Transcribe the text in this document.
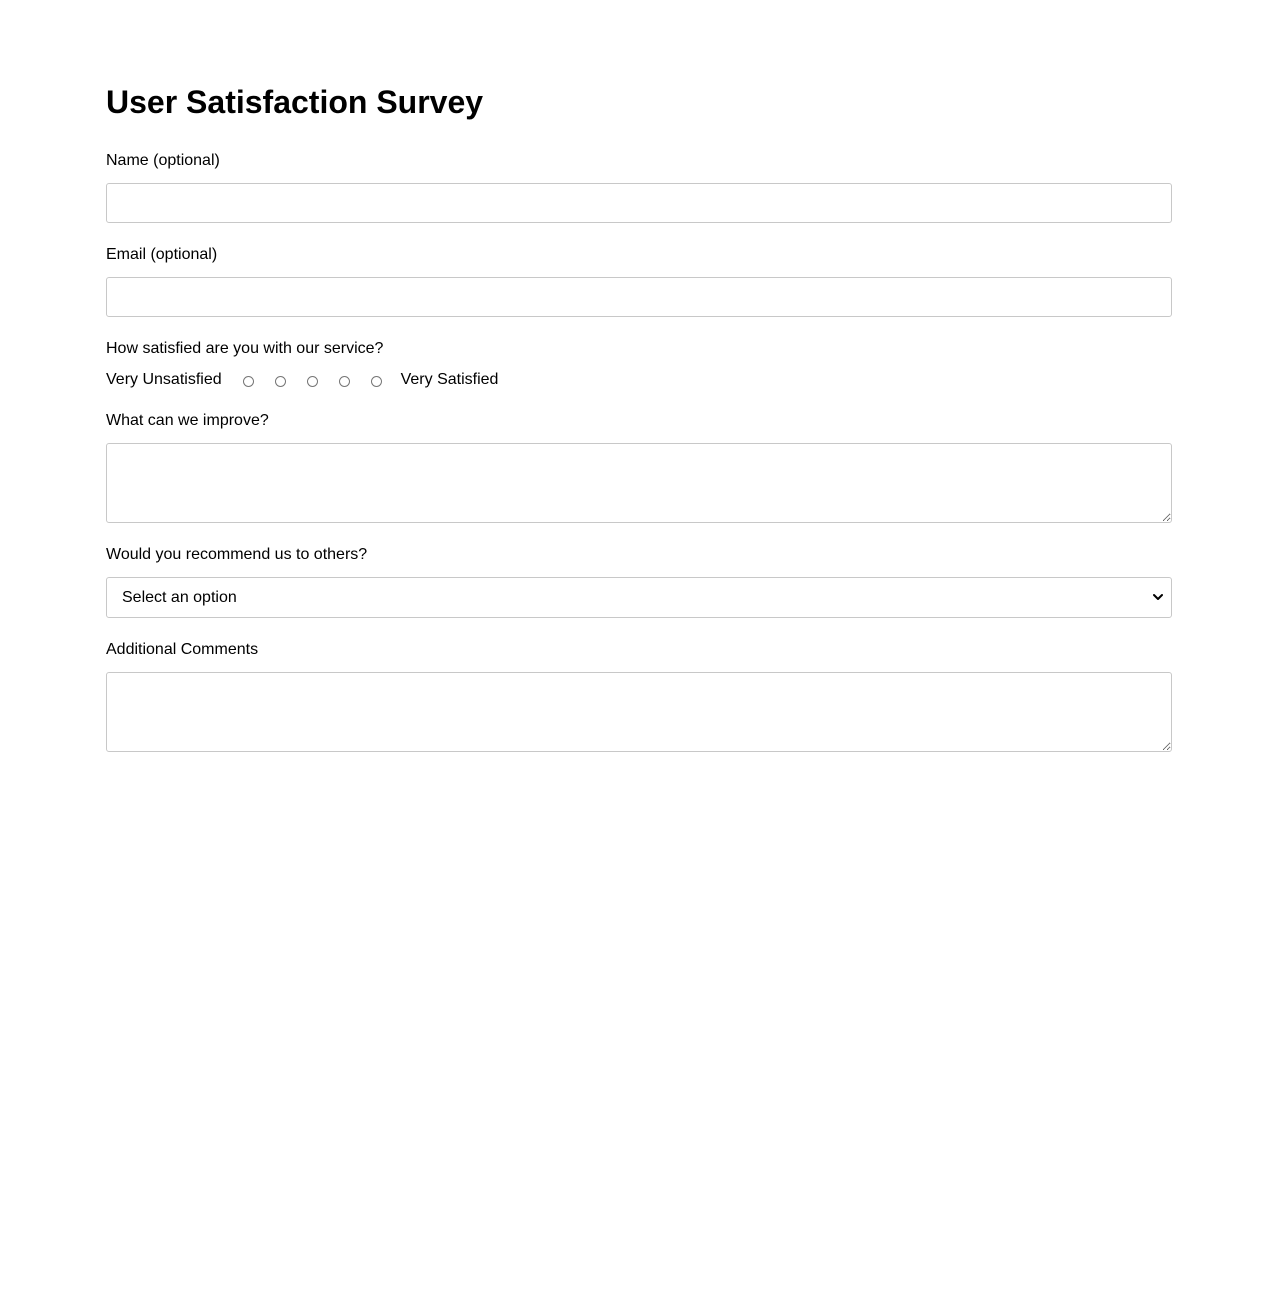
User Satisfaction Survey
Name (optional)
Email (optional)
How satisfied are you with our service?
Very Unsatisfied	Very Satisfied
What can we improve?
Would you recommend us to others?
Select an option
Additional Comments
